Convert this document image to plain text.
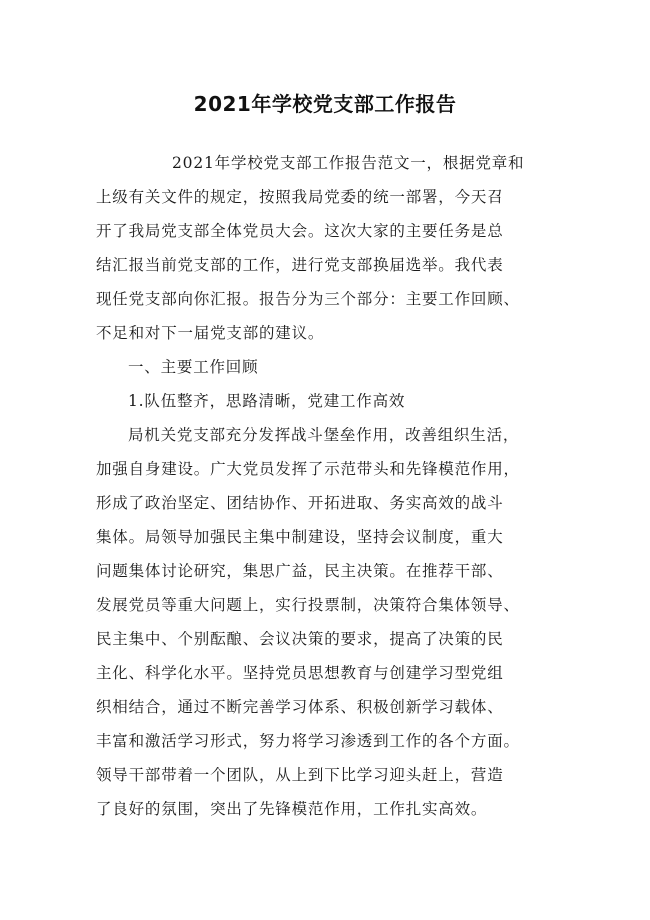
2021年学校党支部工作报告
2021年学校党支部工作报告范文一，根据党章和
上级有关文件的规定，按照我局党委的统一部署，今天召
开了我局党支部全体党员大会。这次大家的主要任务是总
结汇报当前党支部的工作，进行党支部换届选举。我代表
现任党支部向你汇报。报告分为三个部分：主要工作回顾、
不足和对下一届党支部的建议。
一、主要工作回顾
1.队伍整齐，思路清晰，党建工作高效
局机关党支部充分发挥战斗堡垒作用，改善组织生活，
加强自身建设。广大党员发挥了示范带头和先锋模范作用，
形成了政治坚定、团结协作、开拓进取、务实高效的战斗
集体。局领导加强民主集中制建设，坚持会议制度，重大
问题集体讨论研究，集思广益，民主决策。在推荐干部、
发展党员等重大问题上，实行投票制，决策符合集体领导、
民主集中、个别酝酿、会议决策的要求，提高了决策的民
主化、科学化水平。坚持党员思想教育与创建学习型党组
织相结合，通过不断完善学习体系、积极创新学习载体、
丰富和激活学习形式，努力将学习渗透到工作的各个方面。
领导干部带着一个团队，从上到下比学习迎头赶上，营造
了良好的氛围，突出了先锋模范作用，工作扎实高效。
